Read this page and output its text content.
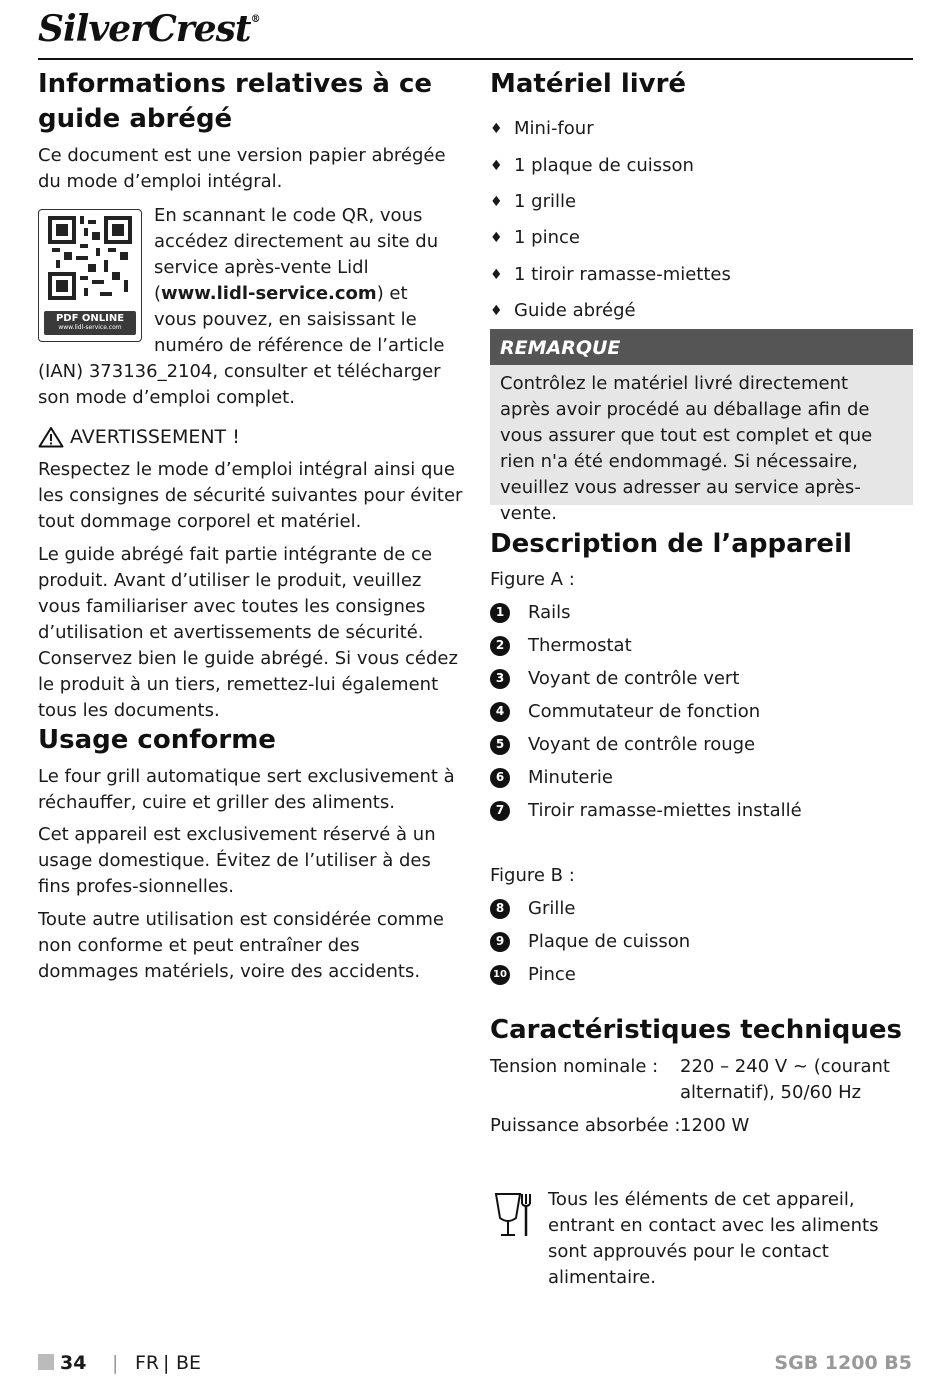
SilverCrest®
Informations relatives à ce guide abrégé

Ce document est une version papier abrégée du mode d’emploi intégral.

PDF ONLINE
www.lidl-service.com

En scannant le code QR, vous accédez directement au site du service après-vente Lidl (www.lidl-service.com) et vous pouvez, en saisissant le numéro de référence de l’article

(IAN) 373136_2104, consulter et télécharger son mode d’emploi complet.

AVERTISSEMENT !

Respectez le mode d’emploi intégral ainsi que les consignes de sécurité suivantes pour éviter tout dommage corporel et matériel.

Le guide abrégé fait partie intégrante de ce produit. Avant d’utiliser le produit, veuillez vous familiariser avec toutes les consignes d’utilisation et avertissements de sécurité. Conservez bien le guide abrégé. Si vous cédez le produit à un tiers, remettez-lui également tous les documents.

Usage conforme

Le four grill automatique sert exclusivement à réchauffer, cuire et griller des aliments.

Cet appareil est exclusivement réservé à un usage domestique. Évitez de l’utiliser à des fins profes-sionnelles.

Toute autre utilisation est considérée comme non conforme et peut entraîner des dommages matériels, voire des accidents.

Matériel livré
♦ Mini-four
♦ 1 plaque de cuisson
♦ 1 grille
♦ 1 pince
♦ 1 tiroir ramasse-miettes
♦ Guide abrégé
REMARQUE
Contrôlez le matériel livré directement après avoir procédé au déballage afin de vous assurer que tout est complet et que rien n'a été endommagé. Si nécessaire, veuillez vous adresser au service après-vente.
Description de l’appareil

Figure A :

1	Rails
2	Thermostat
3	Voyant de contrôle vert
4	Commutateur de fonction
5	Voyant de contrôle rouge
6	Minuterie
7	Tiroir ramasse-miettes installé

Figure B :

8	Grille
9	Plaque de cuisson
10 Pince
Caractéristiques techniques
Tension nominale : 220 – 240 V ~ (courant alternatif), 50/60 Hz
Puissance absorbée : 1200 W

Tous les éléments de cet appareil, entrant en contact avec les aliments sont approuvés pour le contact alimentaire.

34 | FR | BE	SGB 1200 B5
